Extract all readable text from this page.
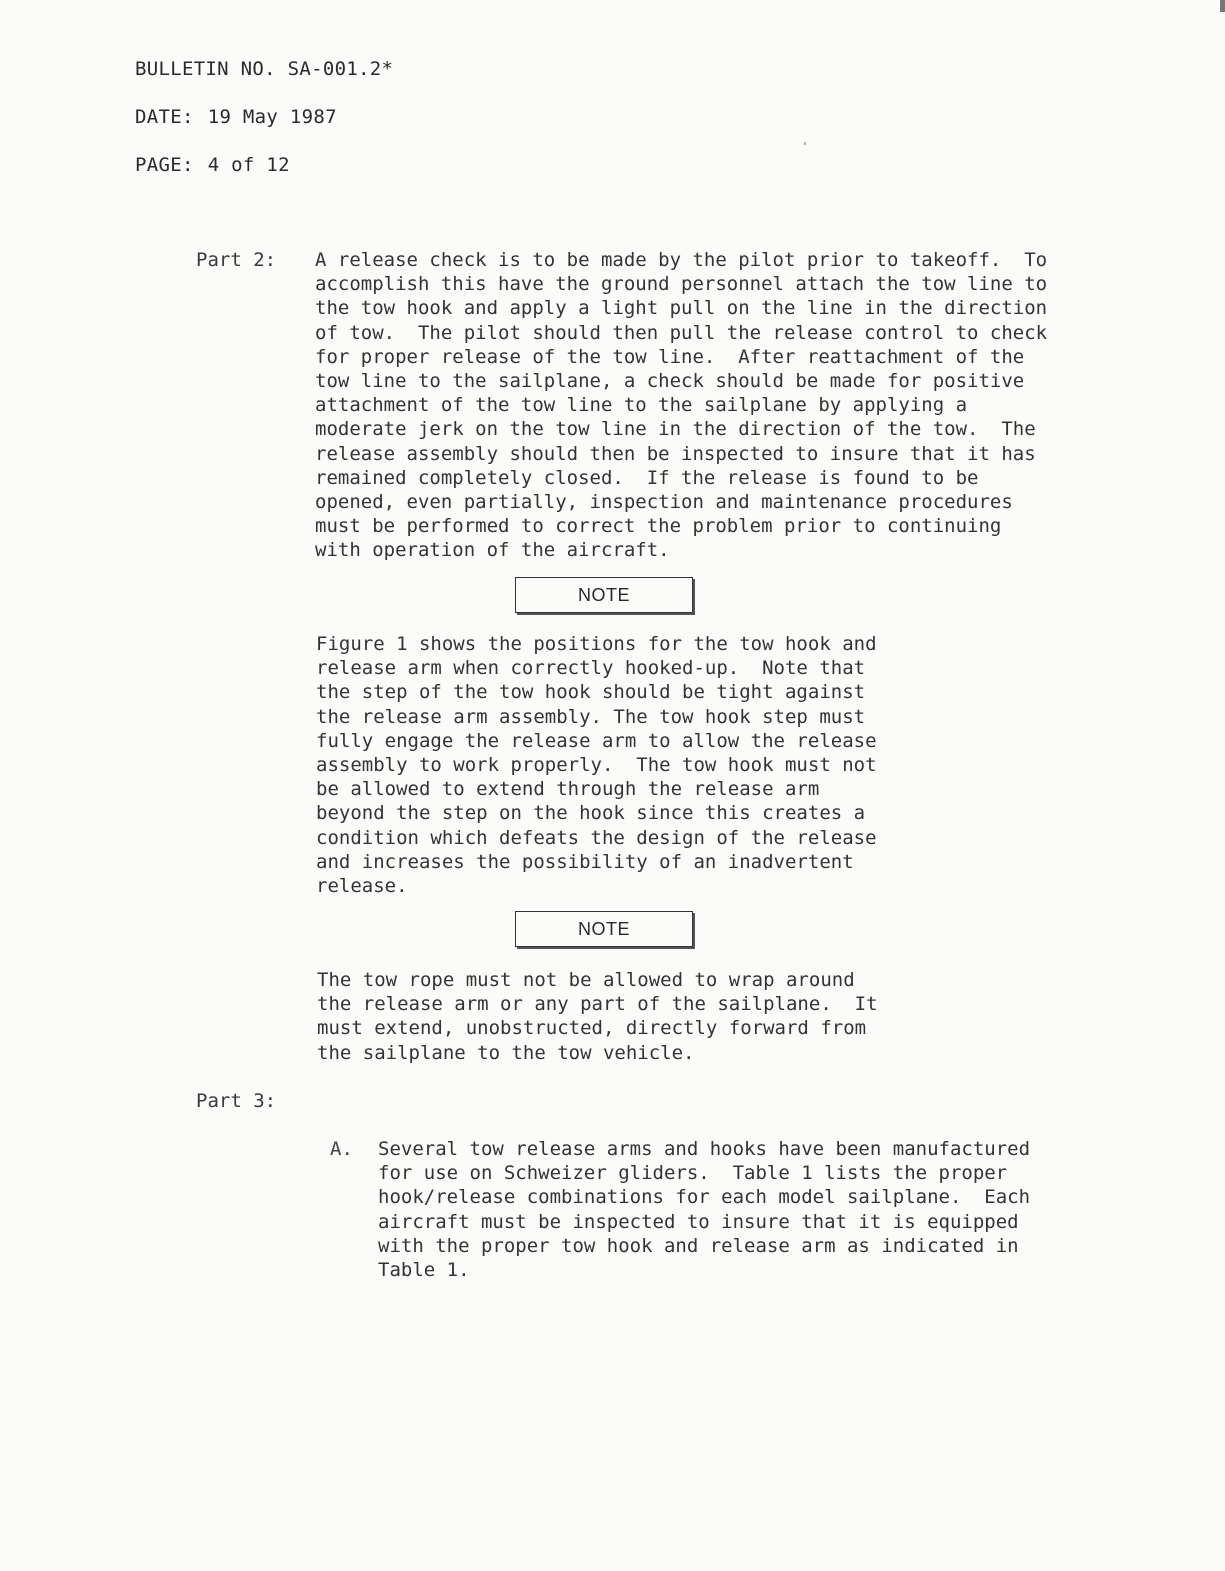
BULLETIN NO. SA-001.2*
DATE: 19 May 1987
PAGE: 4 of 12
Part 2: A release check is to be made by the pilot prior to takeoff.  To
accomplish this have the ground personnel attach the tow line to
the tow hook and apply a light pull on the line in the direction
of tow.  The pilot should then pull the release control to check
for proper release of the tow line.  After reattachment of the
tow line to the sailplane, a check should be made for positive
attachment of the tow line to the sailplane by applying a
moderate jerk on the tow line in the direction of the tow.  The
release assembly should then be inspected to insure that it has
remained completely closed.  If the release is found to be
opened, even partially, inspection and maintenance procedures
must be performed to correct the problem prior to continuing
with operation of the aircraft.
NOTE
Figure 1 shows the positions for the tow hook and
release arm when correctly hooked-up.  Note that
the step of the tow hook should be tight against
the release arm assembly. The tow hook step must
fully engage the release arm to allow the release
assembly to work properly.  The tow hook must not
be allowed to extend through the release arm
beyond the step on the hook since this creates a
condition which defeats the design of the release
and increases the possibility of an inadvertent
release.
NOTE
The tow rope must not be allowed to wrap around
the release arm or any part of the sailplane.  It
must extend, unobstructed, directly forward from
the sailplane to the tow vehicle.
Part 3:
A. Several tow release arms and hooks have been manufactured
for use on Schweizer gliders.  Table 1 lists the proper
hook/release combinations for each model sailplane.  Each
aircraft must be inspected to insure that it is equipped
with the proper tow hook and release arm as indicated in
Table 1.
